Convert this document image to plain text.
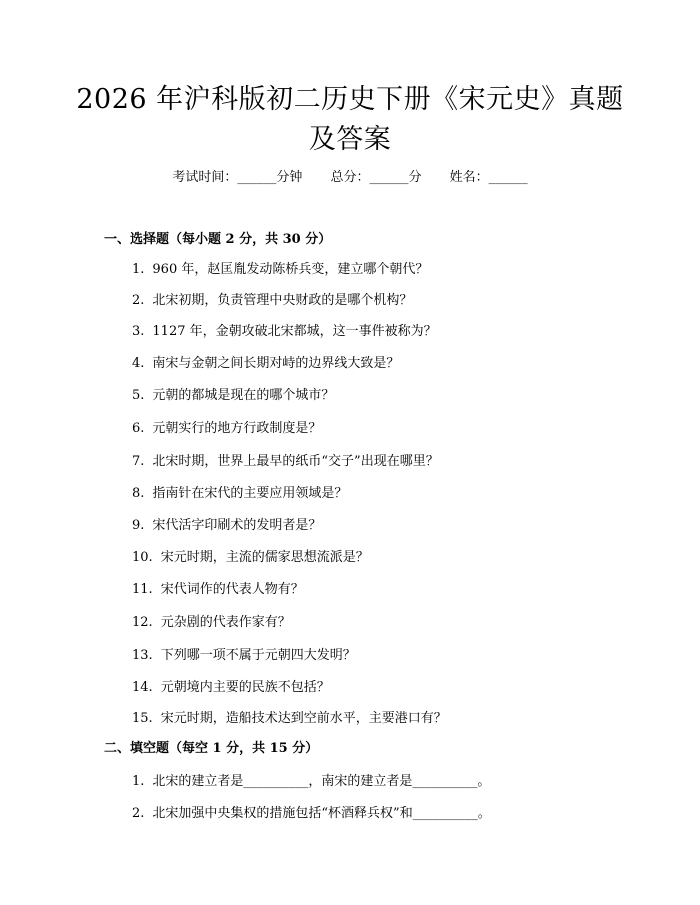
2026 年沪科版初二历史下册《宋元史》真题
及答案
考试时间：______分钟 总分：______分 姓名：______
一、选择题（每小题 2 分，共 30 分）
1. 960 年，赵匡胤发动陈桥兵变，建立哪个朝代？
2. 北宋初期，负责管理中央财政的是哪个机构？
3. 1127 年，金朝攻破北宋都城，这一事件被称为？
4. 南宋与金朝之间长期对峙的边界线大致是？
5. 元朝的都城是现在的哪个城市？
6. 元朝实行的地方行政制度是？
7. 北宋时期，世界上最早的纸币“交子”出现在哪里？
8. 指南针在宋代的主要应用领域是？
9. 宋代活字印刷术的发明者是？
10. 宋元时期，主流的儒家思想流派是？
11. 宋代词作的代表人物有？
12. 元杂剧的代表作家有？
13. 下列哪一项不属于元朝四大发明？
14. 元朝境内主要的民族不包括？
15. 宋元时期，造船技术达到空前水平，主要港口有？
二、填空题（每空 1 分，共 15 分）
1. 北宋的建立者是__________，南宋的建立者是__________。
2. 北宋加强中央集权的措施包括“杯酒释兵权”和__________。
